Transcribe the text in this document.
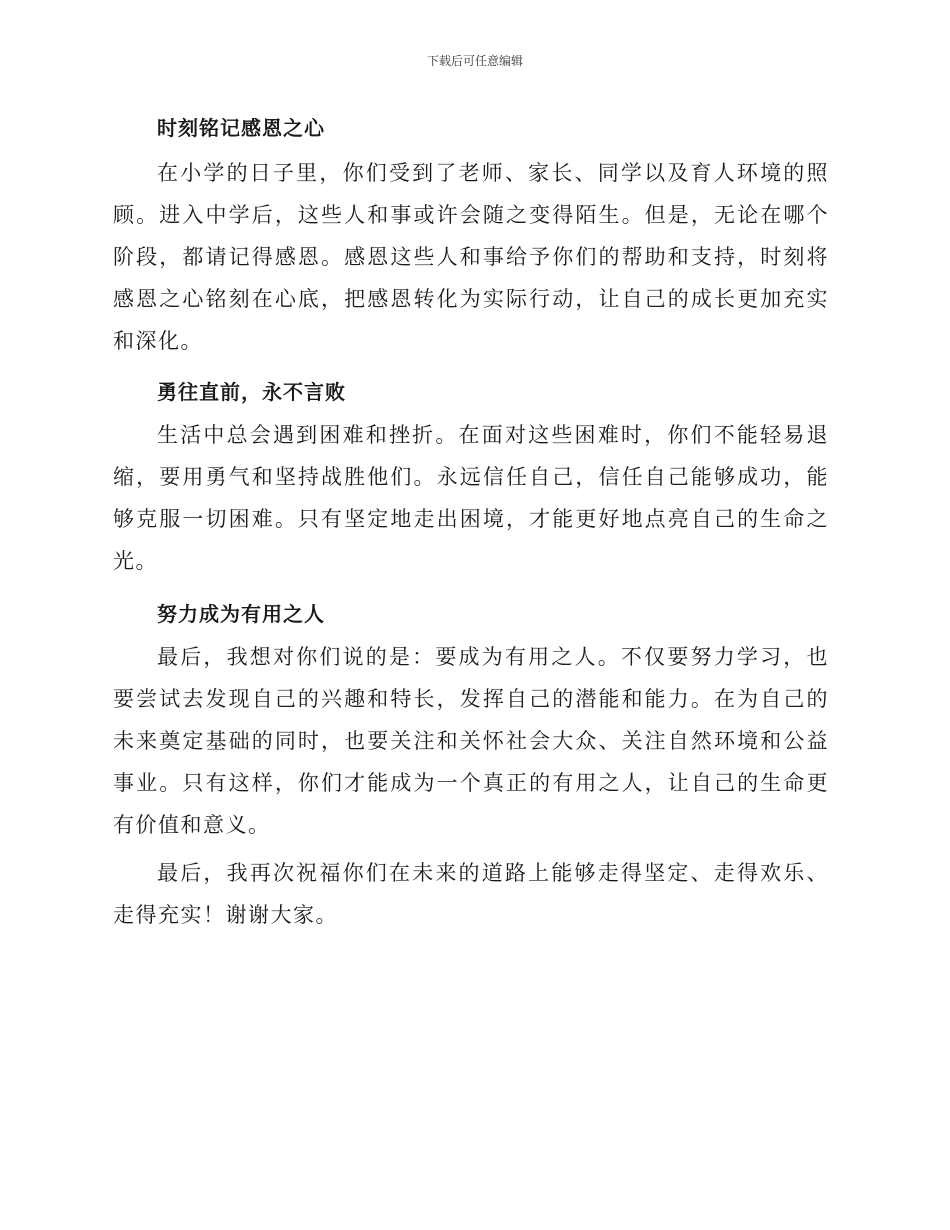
下载后可任意编辑
时刻铭记感恩之心

在小学的日子里，你们受到了老师、家长、同学以及育人环境的照顾。进入中学后，这些人和事或许会随之变得陌生。但是，无论在哪个阶段，都请记得感恩。感恩这些人和事给予你们的帮助和支持，时刻将感恩之心铭刻在心底，把感恩转化为实际行动，让自己的成长更加充实和深化。

勇往直前，永不言败

生活中总会遇到困难和挫折。在面对这些困难时，你们不能轻易退缩，要用勇气和坚持战胜他们。永远信任自己，信任自己能够成功，能够克服一切困难。只有坚定地走出困境，才能更好地点亮自己的生命之光。

努力成为有用之人

最后，我想对你们说的是：要成为有用之人。不仅要努力学习，也要尝试去发现自己的兴趣和特长，发挥自己的潜能和能力。在为自己的未来奠定基础的同时，也要关注和关怀社会大众、关注自然环境和公益事业。只有这样，你们才能成为一个真正的有用之人，让自己的生命更有价值和意义。

最后，我再次祝福你们在未来的道路上能够走得坚定、走得欢乐、走得充实！谢谢大家。
